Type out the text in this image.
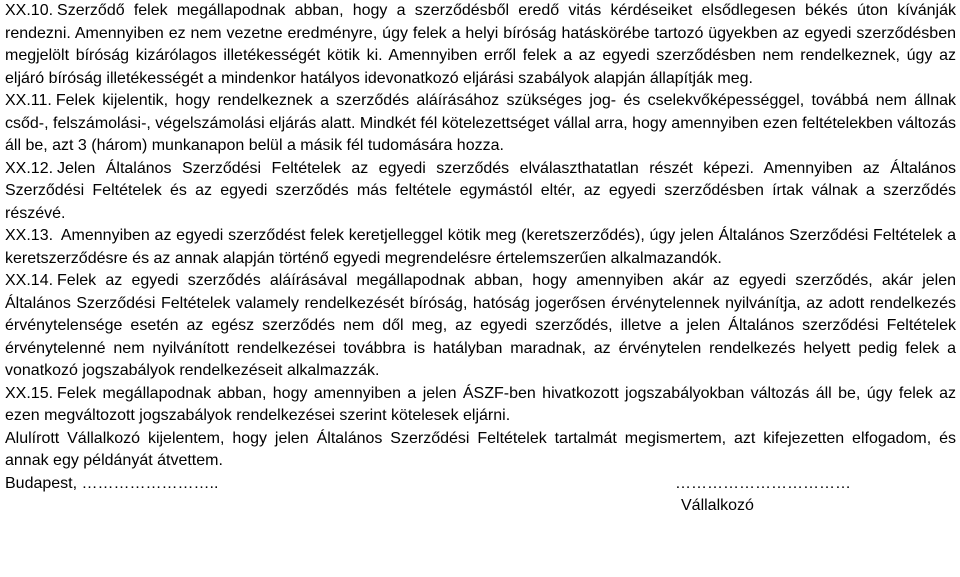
XX.10. Szerződő felek megállapodnak abban, hogy a szerződésből eredő vitás kérdéseiket elsődlegesen békés úton kívánják rendezni. Amennyiben ez nem vezetne eredményre, úgy felek a helyi bíróság hatáskörébe tartozó ügyekben az egyedi szerződésben megjelölt bíróság kizárólagos illetékességét kötik ki. Amennyiben erről felek a az egyedi szerződésben nem rendelkeznek, úgy az eljáró bíróság illetékességét a mindenkor hatályos idevonatkozó eljárási szabályok alapján állapítják meg.

XX.11. Felek kijelentik, hogy rendelkeznek a szerződés aláírásához szükséges jog- és cselekvőképességgel, továbbá nem állnak csőd-, felszámolási-, végelszámolási eljárás alatt. Mindkét fél kötelezettséget vállal arra, hogy amennyiben ezen feltételekben változás áll be, azt 3 (három) munkanapon belül a másik fél tudomására hozza.

XX.12. Jelen Általános Szerződési Feltételek az egyedi szerződés elválaszthatatlan részét képezi. Amennyiben az Általános Szerződési Feltételek és az egyedi szerződés más feltétele egymástól eltér, az egyedi szerződésben írtak válnak a szerződés részévé.

XX.13. Amennyiben az egyedi szerződést felek keretjelleggel kötik meg (keretszerződés), úgy jelen Általános Szerződési Feltételek a keretszerződésre és az annak alapján történő egyedi megrendelésre értelemszerűen alkalmazandók.

XX.14. Felek az egyedi szerződés aláírásával megállapodnak abban, hogy amennyiben akár az egyedi szerződés, akár jelen Általános Szerződési Feltételek valamely rendelkezését bíróság, hatóság jogerősen érvénytelennek nyilvánítja, az adott rendelkezés érvénytelensége esetén az egész szerződés nem dől meg, az egyedi szerződés, illetve a jelen Általános szerződési Feltételek érvénytelenné nem nyilvánított rendelkezései továbbra is hatályban maradnak, az érvénytelen rendelkezés helyett pedig felek a vonatkozó jogszabályok rendelkezéseit alkalmazzák.

XX.15. Felek megállapodnak abban, hogy amennyiben a jelen ÁSZF-ben hivatkozott jogszabályokban változás áll be, úgy felek az ezen megváltozott jogszabályok rendelkezései szerint kötelesek eljárni.

Alulírott Vállalkozó kijelentem, hogy jelen Általános Szerződési Feltételek tartalmát megismertem, azt kifejezetten elfogadom, és annak egy példányát átvettem.

Budapest, ……………………..	……………………………
Vállalkozó
